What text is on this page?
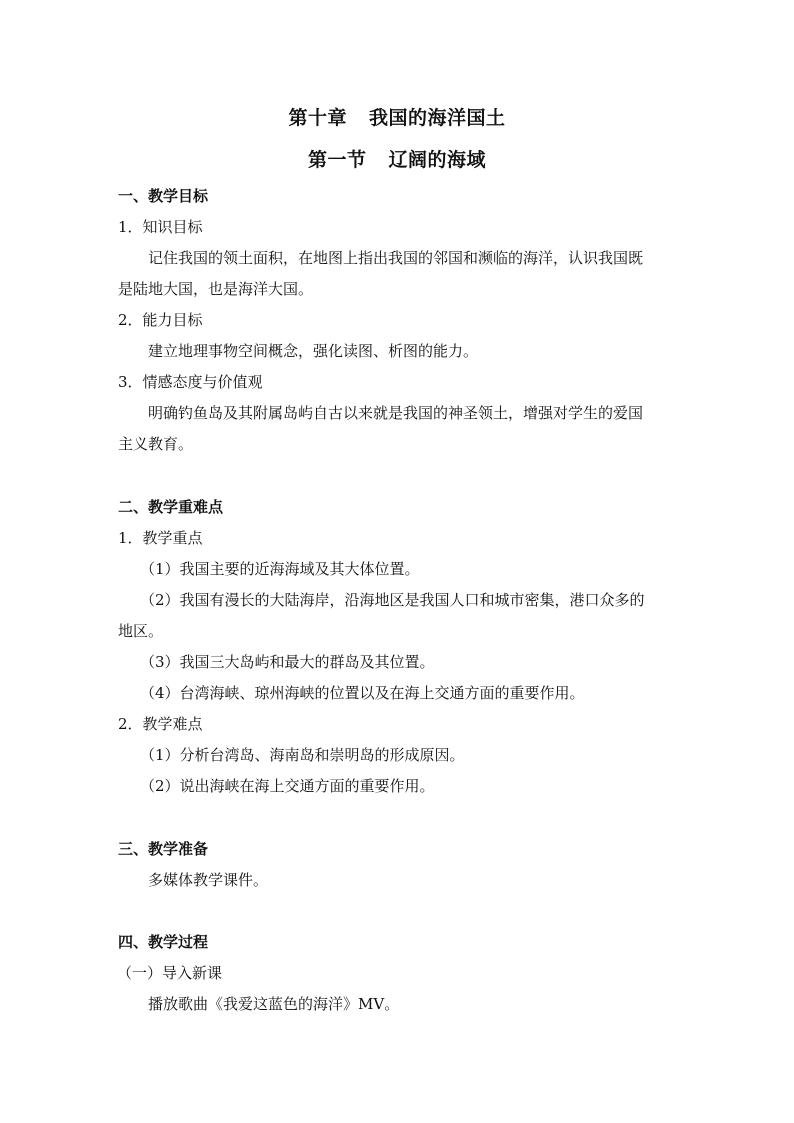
第十章 我国的海洋国土
第一节 辽阔的海域
一、教学目标
1．知识目标
记住我国的领土面积，在地图上指出我国的邻国和濒临的海洋，认识我国既
是陆地大国，也是海洋大国。
2．能力目标
建立地理事物空间概念，强化读图、析图的能力。
3．情感态度与价值观
明确钓鱼岛及其附属岛屿自古以来就是我国的神圣领土，增强对学生的爱国
主义教育。
二、教学重难点
1．教学重点
（1）我国主要的近海海域及其大体位置。
（2）我国有漫长的大陆海岸，沿海地区是我国人口和城市密集，港口众多的
地区。
（3）我国三大岛屿和最大的群岛及其位置。
（4）台湾海峡、琼州海峡的位置以及在海上交通方面的重要作用。
2．教学难点
（1）分析台湾岛、海南岛和崇明岛的形成原因。
（2）说出海峡在海上交通方面的重要作用。
三、教学准备
多媒体教学课件。
四、教学过程
（一）导入新课
播放歌曲《我爱这蓝色的海洋》MV。
